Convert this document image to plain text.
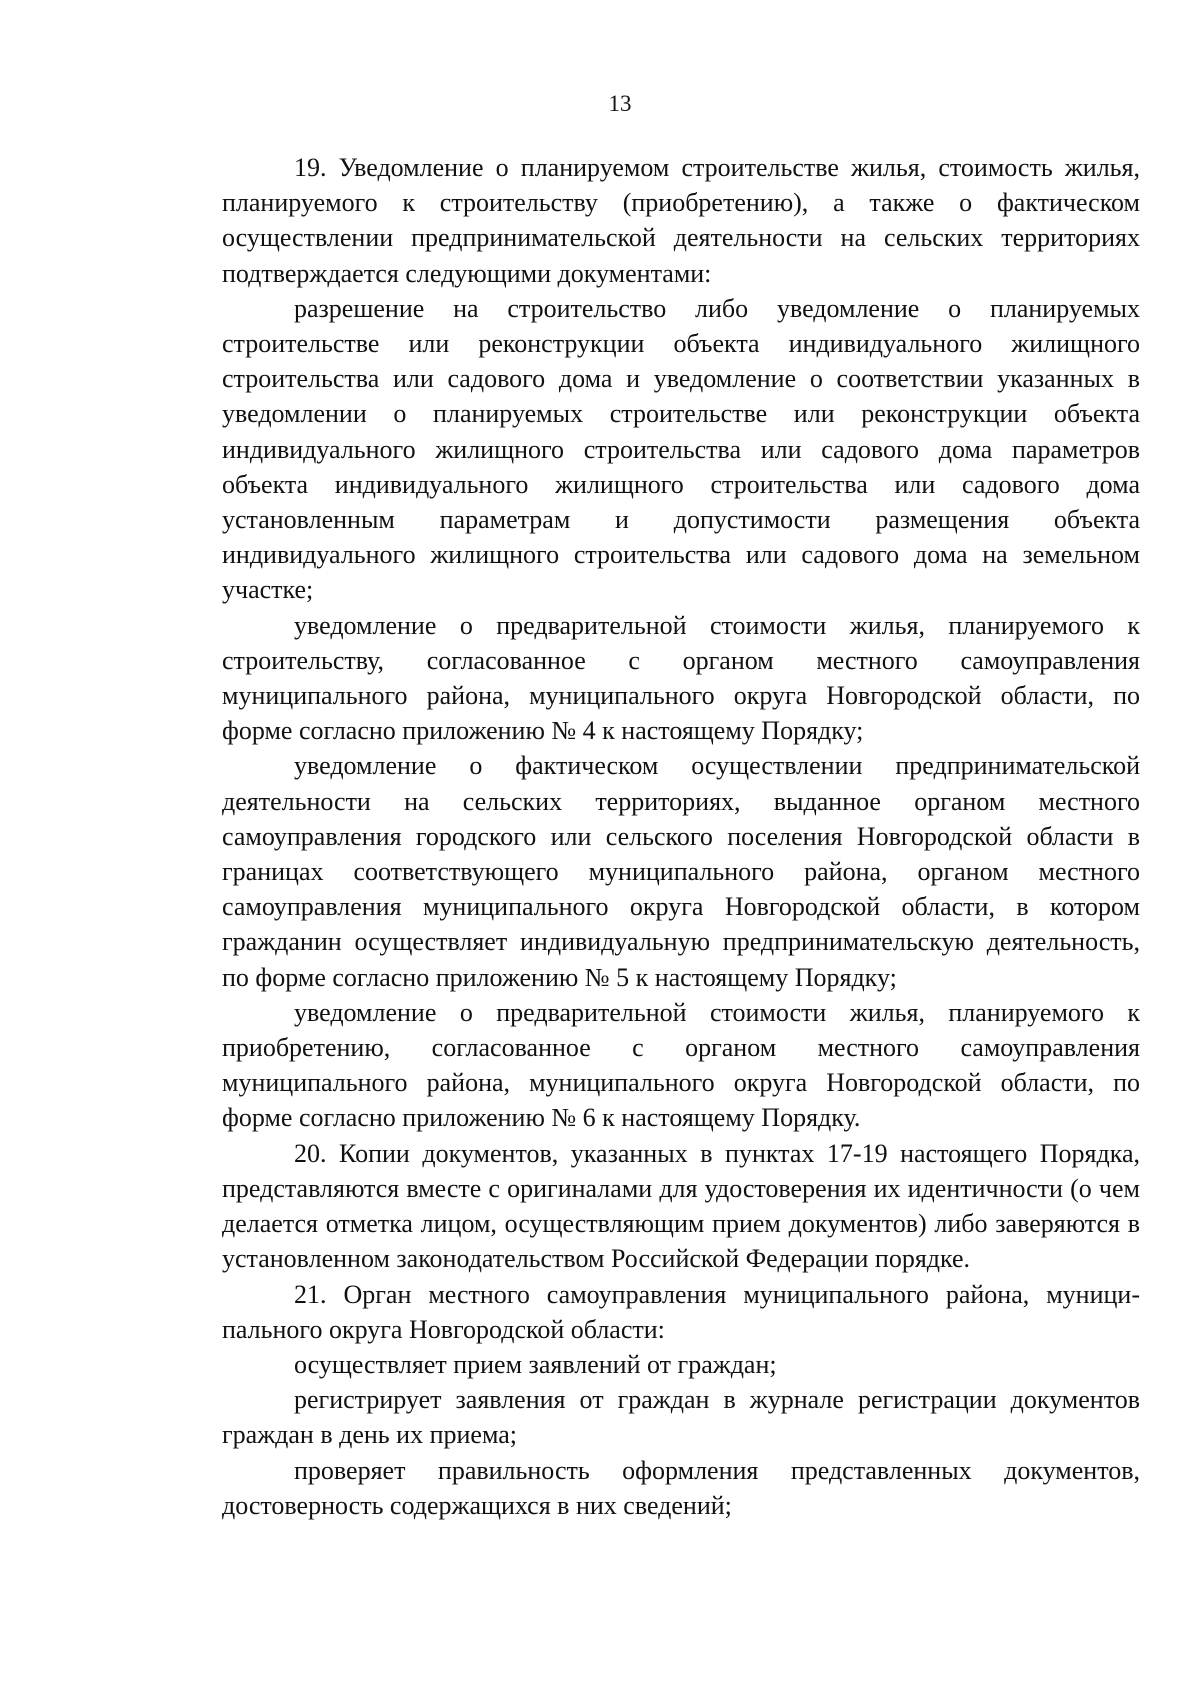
13

19. Уведомление о планируемом строительстве жилья, стоимость жилья, планируемого к строительству (приобретению), а также о фактическом осуществлении предпринимательской деятельности на сельских территориях подтверждается следующими документами:

разрешение на строительство либо уведомление о планируемых строительстве или реконструкции объекта индивидуального жилищного строительства или садового дома и уведомление о соответствии указанных в уведомлении о планируемых строительстве или реконструкции объекта индивидуального жилищного строительства или садового дома параметров объекта индивидуального жилищного строительства или садового дома установленным параметрам и допустимости размещения объекта индивидуального жилищного строительства или садового дома на земельном участке;

уведомление о предварительной стоимости жилья, планируемого к строительству, согласованное с органом местного самоуправления муниципального района, муниципального округа Новгородской области, по форме согласно приложению № 4 к настоящему Порядку;

уведомление о фактическом осуществлении предпринимательской деятельности на сельских территориях, выданное органом местного самоуправления городского или сельского поселения Новгородской области в границах соответствующего муниципального района, органом местного самоуправления муниципального округа Новгородской области, в котором гражданин осуществляет индивидуальную предпринимательскую деятельность, по форме согласно приложению № 5 к настоящему Порядку;

уведомление о предварительной стоимости жилья, планируемого к приобретению, согласованное с органом местного самоуправления муниципального района, муниципального округа Новгородской области, по форме согласно приложению № 6 к настоящему Порядку.

20. Копии документов, указанных в пунктах 17-19 настоящего Порядка, представляются вместе с оригиналами для удостоверения их идентичности (о чем делается отметка лицом, осуществляющим прием документов) либо заверяются в установленном законодательством Российской Федерации порядке.

21. Орган местного самоуправления муниципального района, муници-пального округа Новгородской области:

осуществляет прием заявлений от граждан;

регистрирует заявления от граждан в журнале регистрации документов граждан в день их приема;

проверяет правильность оформления представленных документов, достоверность содержащихся в них сведений;
